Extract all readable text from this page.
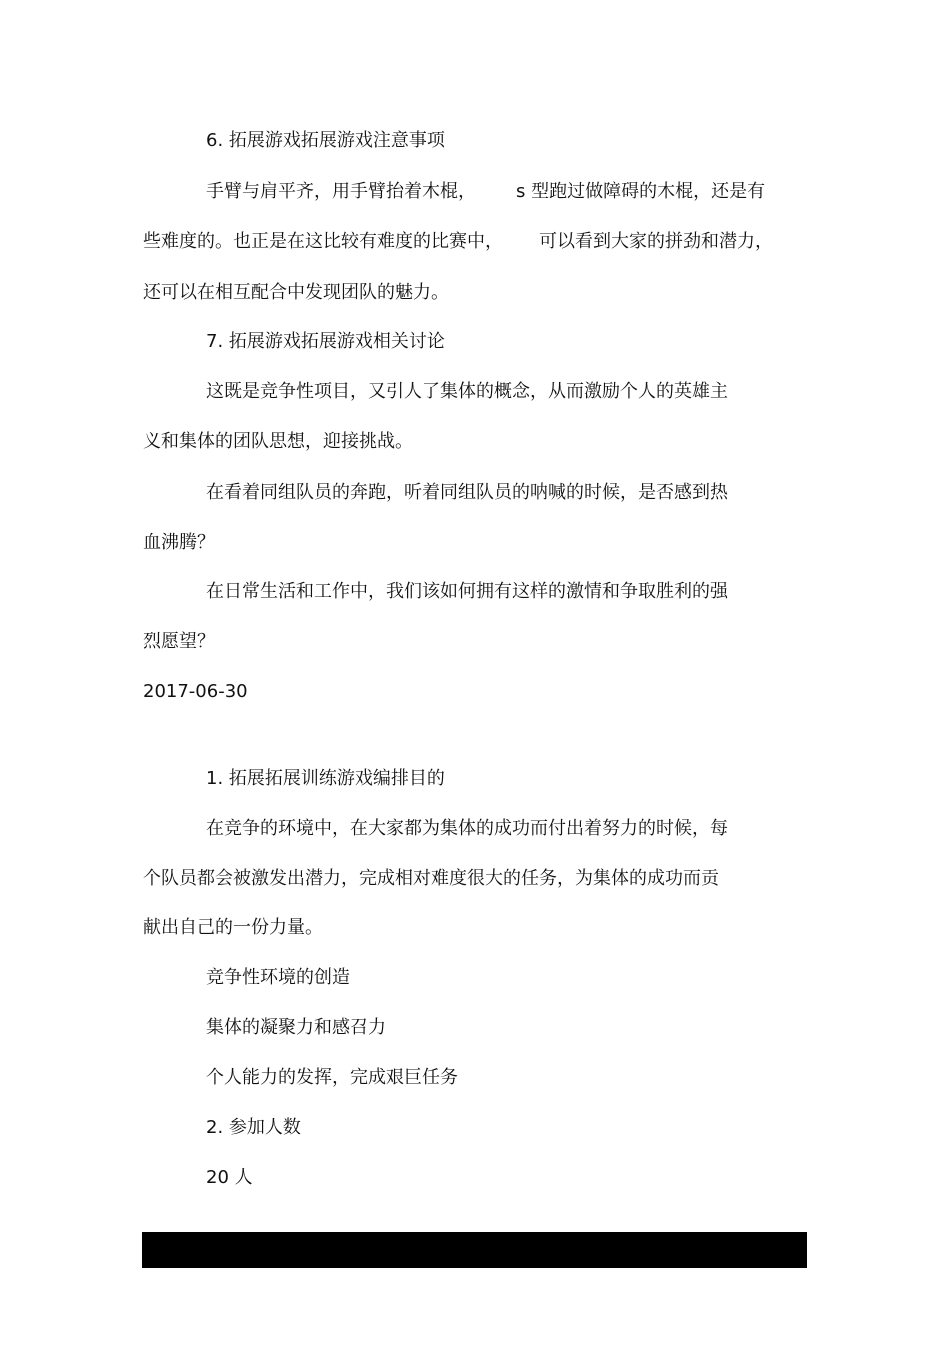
6. 拓展游戏拓展游戏注意事项
手臂与肩平齐，用手臂抬着木棍， s 型跑过做障碍的木棍，还是有
些难度的。也正是在这比较有难度的比赛中， 可以看到大家的拼劲和潜力，
还可以在相互配合中发现团队的魅力。
7. 拓展游戏拓展游戏相关讨论
这既是竞争性项目，又引人了集体的概念，从而激励个人的英雄主
义和集体的团队思想，迎接挑战。
在看着同组队员的奔跑，听着同组队员的呐喊的时候，是否感到热
血沸腾？
在日常生活和工作中，我们该如何拥有这样的激情和争取胜利的强
烈愿望？
2017-06-30
1. 拓展拓展训练游戏编排目的
在竞争的环境中，在大家都为集体的成功而付出着努力的时候，每
个队员都会被激发出潜力，完成相对难度很大的任务，为集体的成功而贡
献出自己的一份力量。
竞争性环境的创造
集体的凝聚力和感召力
个人能力的发挥，完成艰巨任务
2. 参加人数
20 人
